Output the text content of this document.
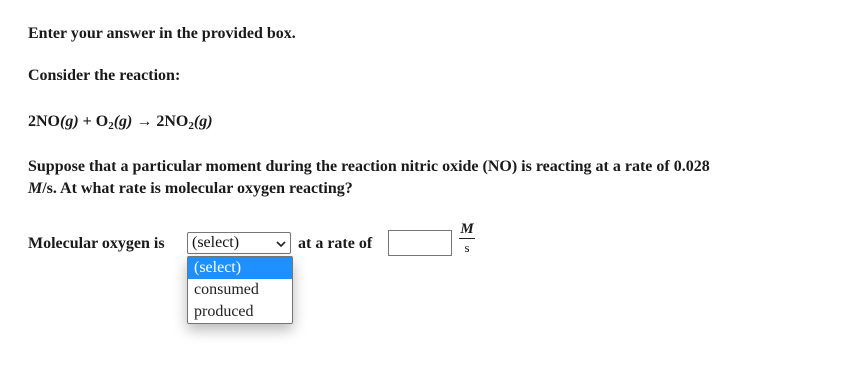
Enter your answer in the provided box.
Consider the reaction:
$2NO(g) + O_2(g) \to 2NO_2(g)$
Suppose that a particular moment during the reaction nitric oxide (NO) is reacting at a rate of 0.028
M/s. At what rate is molecular oxygen reacting?
Molecular oxygen is (select)	at a rate of
M
s
(select)
consumed
produced
